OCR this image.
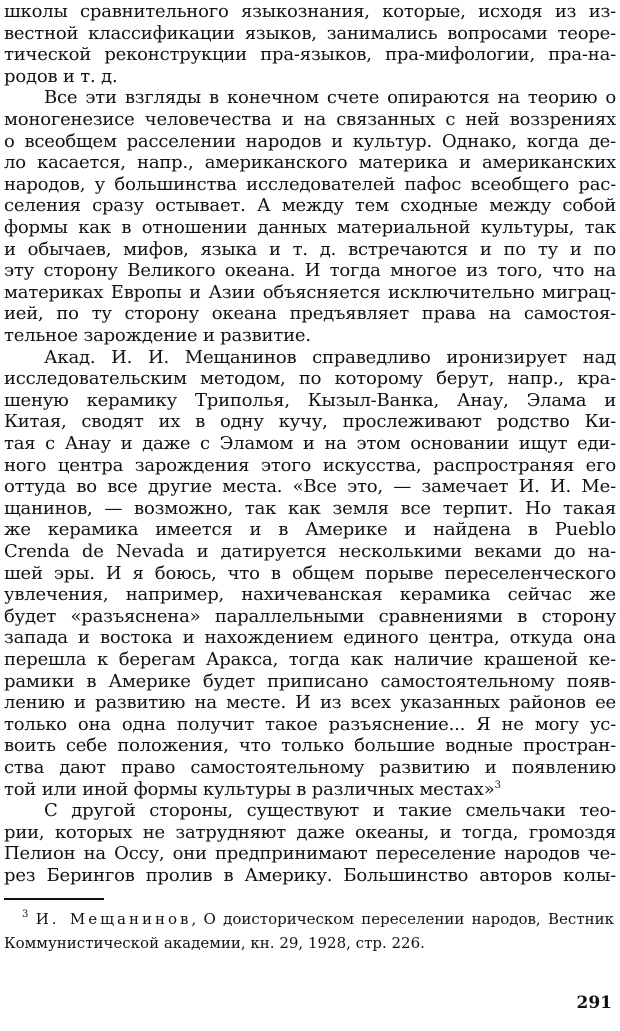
школы сравнительного языкознания, которые, исходя из из-
вестной классификации языков, занимались вопросами теоре-
тической реконструкции пра-языков, пра-мифологии, пра-на-
родов и т. д.
Все эти взгляды в конечном счете опираются на теорию о
моногенезисе человечества и на связанных с ней воззрениях
о всеобщем расселении народов и культур. Однако, когда де-
ло касается, напр., американского материка и американских
народов, у большинства исследователей пафос всеобщего рас-
селения сразу остывает. А между тем сходные между собой
формы как в отношении данных материальной культуры, так
и обычаев, мифов, языка и т. д. встречаются и по ту и по
эту сторону Великого океана. И тогда многое из того, что на
материках Европы и Азии объясняется исключительно миграц-
ией, по ту сторону океана предъявляет права на самостоя-
тельное зарождение и развитие.
Акад. И. И. Мещанинов справедливо иронизирует над
исследовательским методом, по которому берут, напр., кра-
шеную керамику Триполья, Кызыл-Ванка, Анау, Элама и
Китая, сводят их в одну кучу, прослеживают родство Ки-
тая с Анау и даже с Эламом и на этом основании ищут еди-
ного центра зарождения этого искусства, распространяя его
оттуда во все другие места. «Все это, — замечает И. И. Ме-
щанинов, — возможно, так как земля все терпит. Но такая
же керамика имеется и в Америке и найдена в Pueblo
Crenda de Nevada и датируется несколькими веками до на-
шей эры. И я боюсь, что в общем порыве переселенческого
увлечения, например, нахичеванская керамика сейчас же
будет «разъяснена» параллельными сравнениями в сторону
запада и востока и нахождением единого центра, откуда она
перешла к берегам Аракса, тогда как наличие крашеной ке-
рамики в Америке будет приписано самостоятельному появ-
лению и развитию на месте. И из всех указанных районов ее
только она одна получит такое разъяснение... Я не могу ус-
воить себе положения, что только большие водные простран-
ства дают право самостоятельному развитию и появлению
той или иной формы культуры в различных местах»$^3$
С другой стороны, существуют и такие смельчаки тео-
рии, которых не затрудняют даже океаны, и тогда, громоздя
Пелион на Оссу, они предпринимают переселение народов че-
рез Берингов пролив в Америку. Большинство авторов колы-
$^3$ И. Мещанинов, О доисторическом переселении народов, Вестник
Коммунистической академии, кн. 29, 1928, стр. 226.
291
